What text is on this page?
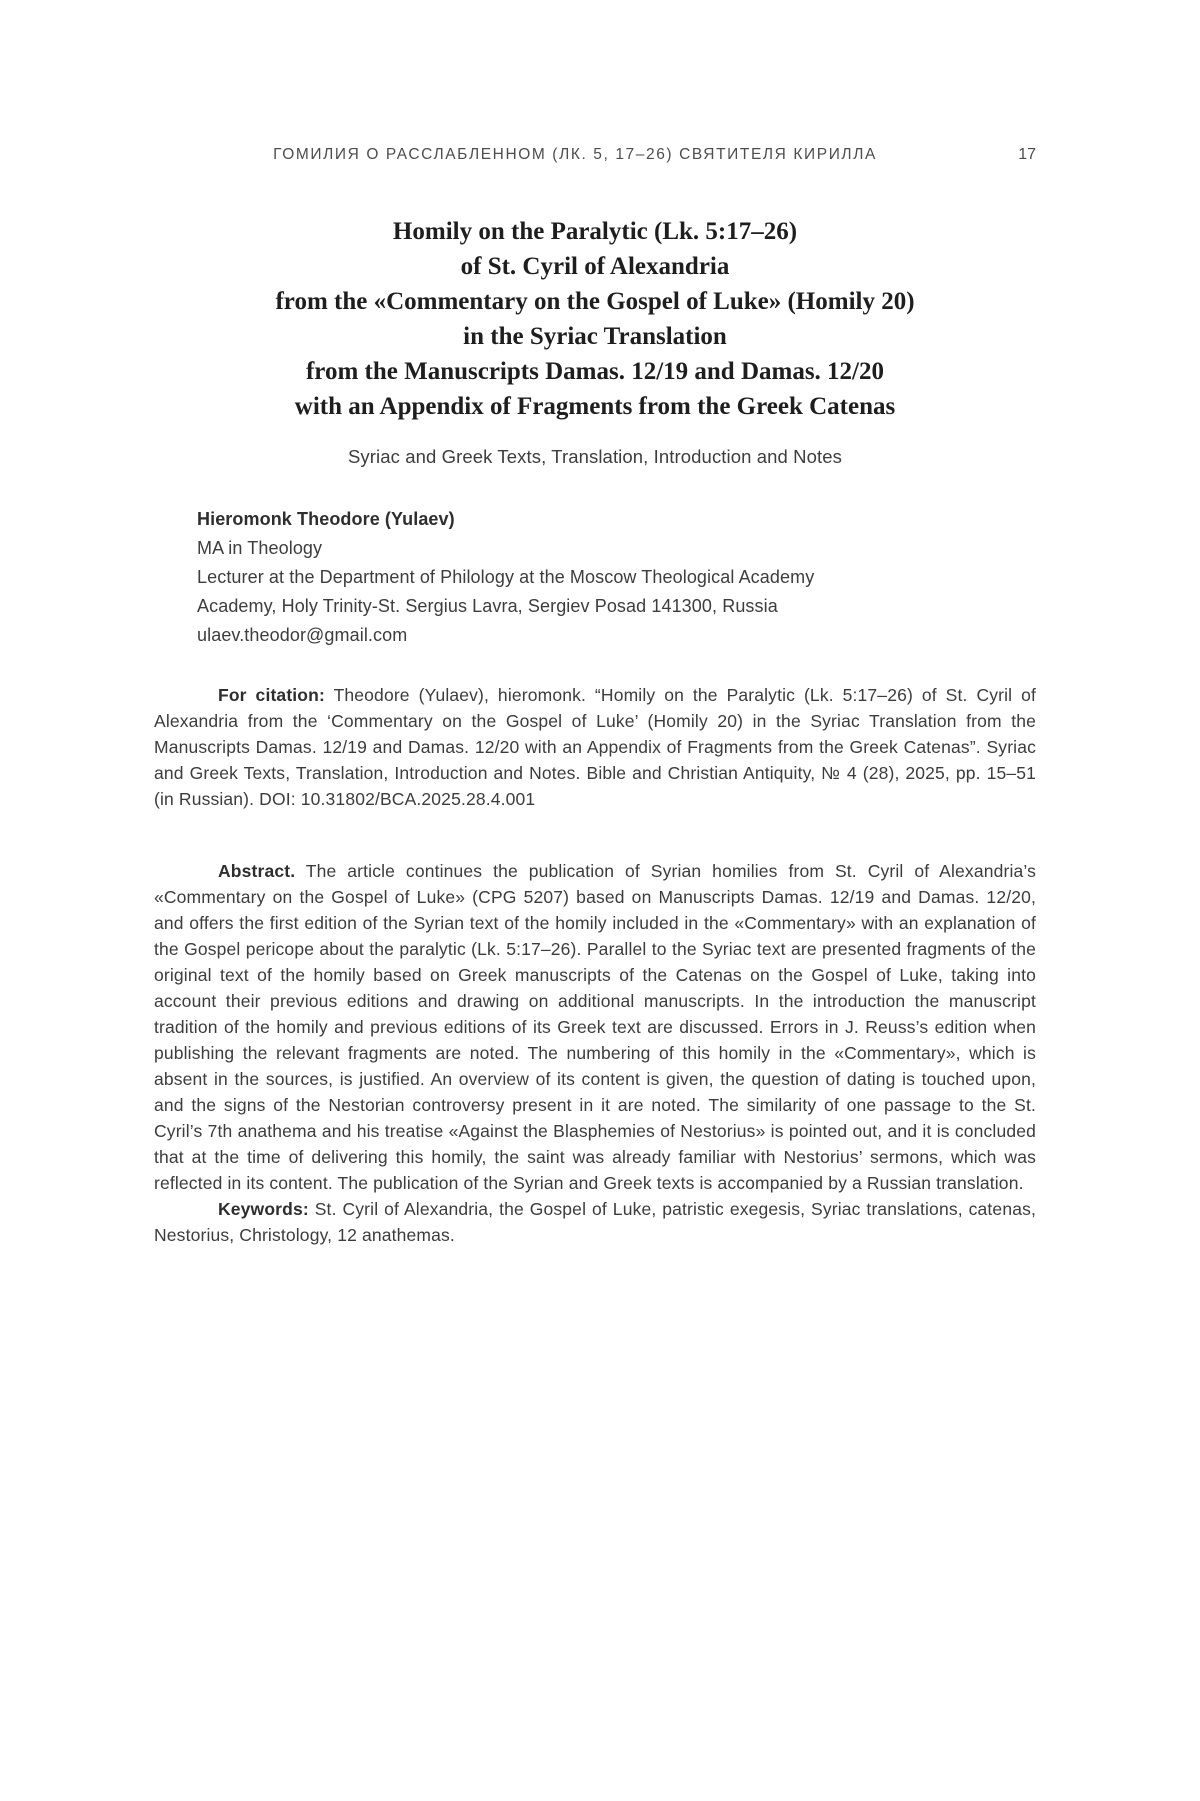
ГОМИЛИЯ О РАССЛАБЛЕННОМ (ЛК. 5, 17–26) СВЯТИТЕЛЯ КИРИЛЛА	17
Homily on the Paralytic (Lk. 5:17–26)
of St. Cyril of Alexandria
from the «Commentary on the Gospel of Luke» (Homily 20)
in the Syriac Translation
from the Manuscripts Damas. 12/19 and Damas. 12/20
with an Appendix of Fragments from the Greek Catenas
Syriac and Greek Texts, Translation, Introduction and Notes
Hieromonk Theodore (Yulaev)
MA in Theology
Lecturer at the Department of Philology at the Moscow Theological Academy
Academy, Holy Trinity-St. Sergius Lavra, Sergiev Posad 141300, Russia
ulaev.theodor@gmail.com
For citation: Theodore (Yulaev), hieromonk. “Homily on the Paralytic (Lk. 5:17–26) of St. Cyril of Alexandria from the ‘Commentary on the Gospel of Luke’ (Homily 20) in the Syriac Translation from the Manuscripts Damas. 12/19 and Damas. 12/20 with an Appendix of Fragments from the Greek Catenas”. Syriac and Greek Texts, Translation, Introduction and Notes. Bible and Christian Antiquity, № 4 (28), 2025, pp. 15–51 (in Russian). DOI: 10.31802/BCA.2025.28.4.001
Abstract. The article continues the publication of Syrian homilies from St. Cyril of Alexandria’s «Commentary on the Gospel of Luke» (CPG 5207) based on Manuscripts Damas. 12/19 and Damas. 12/20, and offers the first edition of the Syrian text of the homily included in the «Commentary» with an explanation of the Gospel pericope about the paralytic (Lk. 5:17–26). Parallel to the Syriac text are presented fragments of the original text of the homily based on Greek manuscripts of the Catenas on the Gospel of Luke, taking into account their previous editions and drawing on additional manuscripts. In the introduction the manuscript tradition of the homily and previous editions of its Greek text are discussed. Errors in J. Reuss’s edition when publishing the relevant fragments are noted. The numbering of this homily in the «Commentary», which is absent in the sources, is justified. An overview of its content is given, the question of dating is touched upon, and the signs of the Nestorian controversy present in it are noted. The similarity of one passage to the St. Cyril’s 7th anathema and his treatise «Against the Blasphemies of Nestorius» is pointed out, and it is concluded that at the time of delivering this homily, the saint was already familiar with Nestorius’ sermons, which was reflected in its content. The publication of the Syrian and Greek texts is accompanied by a Russian translation.
Keywords: St. Cyril of Alexandria, the Gospel of Luke, patristic exegesis, Syriac translations, catenas, Nestorius, Christology, 12 anathemas.
